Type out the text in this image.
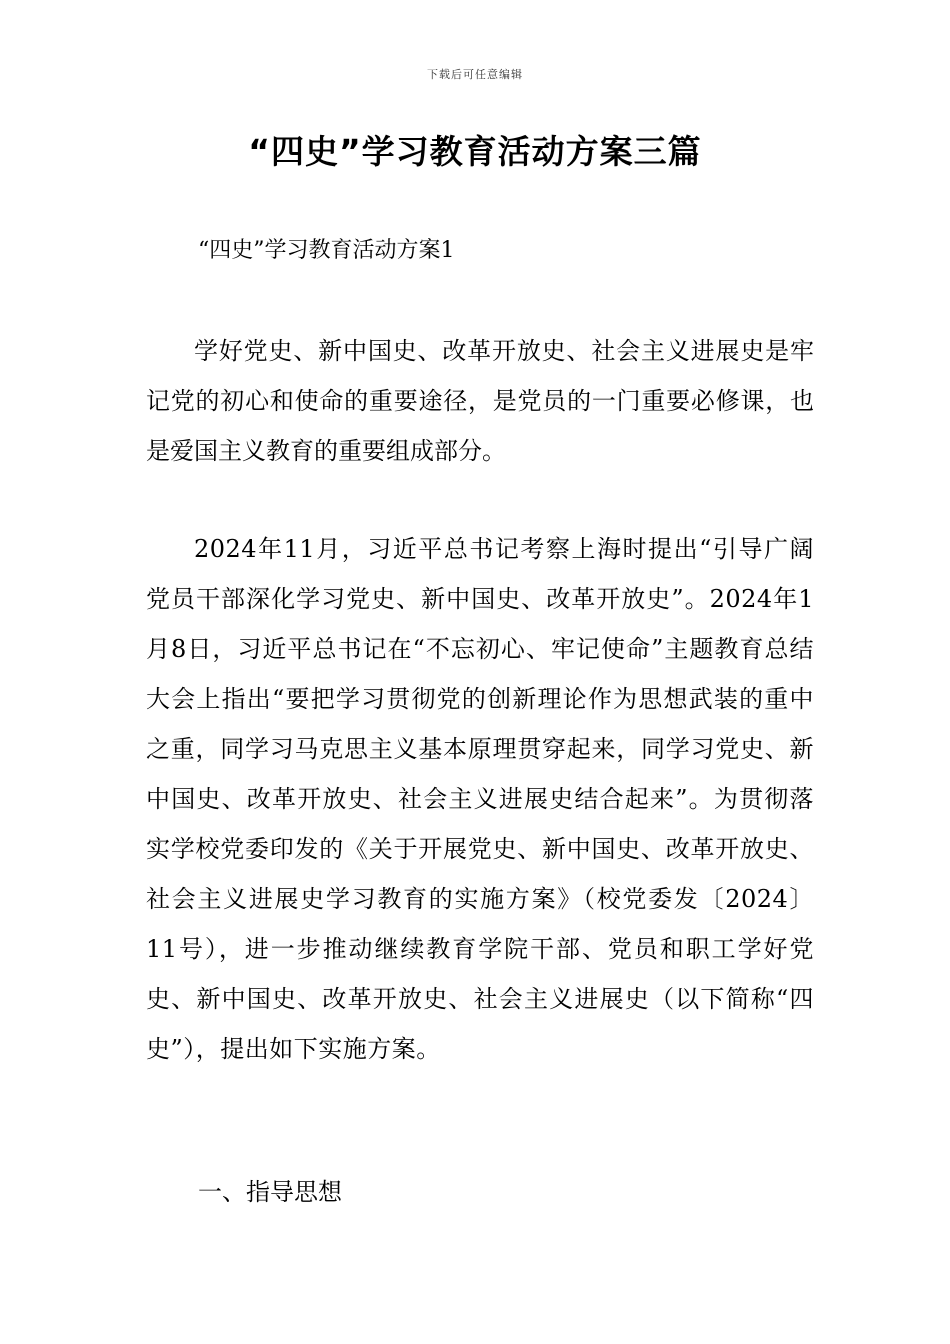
下载后可任意编辑
“四史”学习教育活动方案三篇
“四史”学习教育活动方案1
学好党史、新中国史、改革开放史、社会主义进展史是牢记党的初心和使命的重要途径，是党员的一门重要必修课，也是爱国主义教育的重要组成部分。
2024年11月，习近平总书记考察上海时提出“引导广阔党员干部深化学习党史、新中国史、改革开放史”。2024年1月8日，习近平总书记在“不忘初心、牢记使命”主题教育总结大会上指出“要把学习贯彻党的创新理论作为思想武装的重中之重，同学习马克思主义基本原理贯穿起来，同学习党史、新中国史、改革开放史、社会主义进展史结合起来”。为贯彻落实学校党委印发的《关于开展党史、新中国史、改革开放史、社会主义进展史学习教育的实施方案》（校党委发〔2024〕11号），进一步推动继续教育学院干部、党员和职工学好党史、新中国史、改革开放史、社会主义进展史（以下简称“四史”），提出如下实施方案。
一、指导思想
